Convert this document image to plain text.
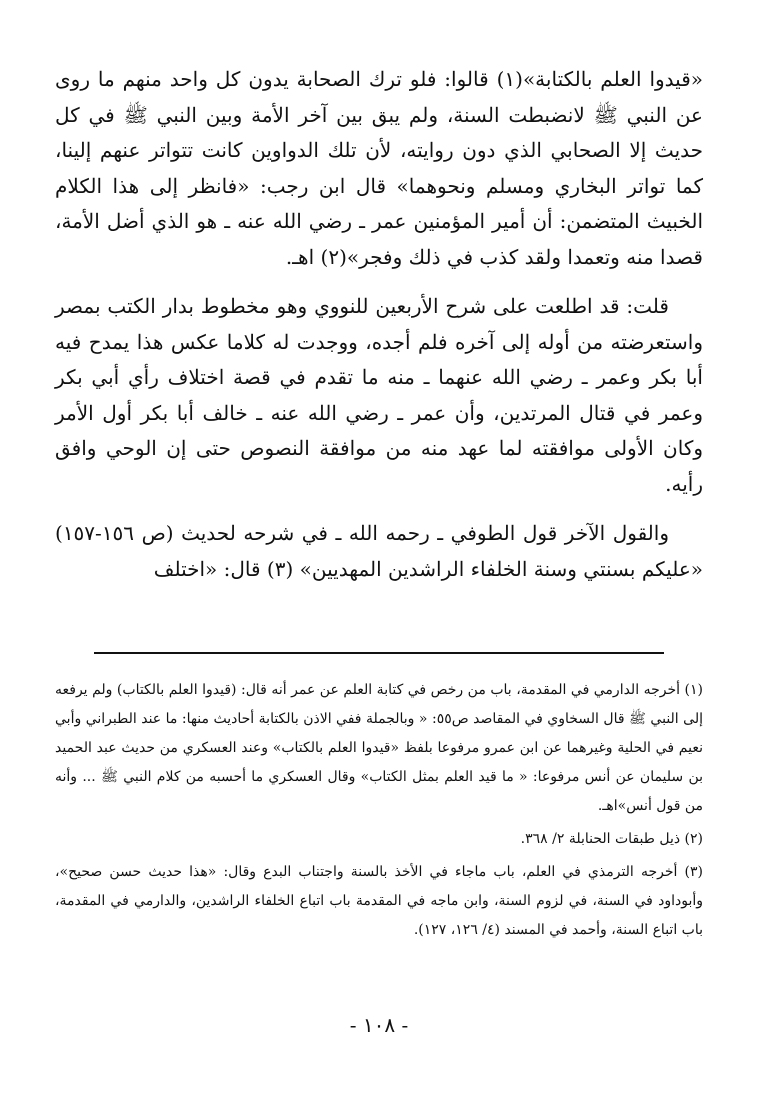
«قيدوا العلم بالكتابة»(١) قالوا: فلو ترك الصحابة يدون كل واحد منهم ما روى عن النبي ﷺ لانضبطت السنة، ولم يبق بين آخر الأمة وبين النبي ﷺ في كل حديث إلا الصحابي الذي دون روايته، لأن تلك الدواوين كانت تتواتر عنهم إلينا، كما تواتر البخاري ومسلم ونحوهما» قال ابن رجب: «فانظر إلى هذا الكلام الخبيث المتضمن: أن أمير المؤمنين عمر ـ رضي الله عنه ـ هو الذي أضل الأمة، قصدا منه وتعمدا ولقد كذب في ذلك وفجر»(٢) اهـ.

قلت: قد اطلعت على شرح الأربعين للنووي وهو مخطوط بدار الكتب بمصر واستعرضته من أوله إلى آخره فلم أجده، ووجدت له كلاما عكس هذا يمدح فيه أبا بكر وعمر ـ رضي الله عنهما ـ منه ما تقدم في قصة اختلاف رأي أبي بكر وعمر في قتال المرتدين، وأن عمر ـ رضي الله عنه ـ خالف أبا بكر أول الأمر وكان الأولى موافقته لما عهد منه من موافقة النصوص حتى إن الوحي وافق رأيه.

والقول الآخر قول الطوفي ـ رحمه الله ـ في شرحه لحديث (ص ١٥٦-١٥٧) «عليكم بسنتي وسنة الخلفاء الراشدين المهديين» (٣) قال: «اختلف

(١) أخرجه الدارمي في المقدمة، باب من رخص في كتابة العلم عن عمر أنه قال: (قيدوا العلم بالكتاب) ولم يرفعه إلى النبي ﷺ قال السخاوي في المقاصد ص٥٥: « وبالجملة ففي الاذن بالكتابة أحاديث منها: ما عند الطبراني وأبي نعيم في الحلية وغيرهما عن ابن عمرو مرفوعا بلفظ «قيدوا العلم بالكتاب» وعند العسكري من حديث عبد الحميد بن سليمان عن أنس مرفوعا: « ما قيد العلم بمثل الكتاب» وقال العسكري ما أحسبه من كلام النبي ﷺ ... وأنه من قول أنس»اهـ.

(٢) ذيل طبقات الحنابلة ٢/ ٣٦٨.

(٣) أخرجه الترمذي في العلم، باب ماجاء في الأخذ بالسنة واجتناب البدع وقال: «هذا حديث حسن صحيح»، وأبوداود في السنة، في لزوم السنة، وابن ماجه في المقدمة باب اتباع الخلفاء الراشدين، والدارمي في المقدمة، باب اتباع السنة، وأحمد في المسند (٤/ ١٢٦، ١٢٧).

- ١٠٨ -
